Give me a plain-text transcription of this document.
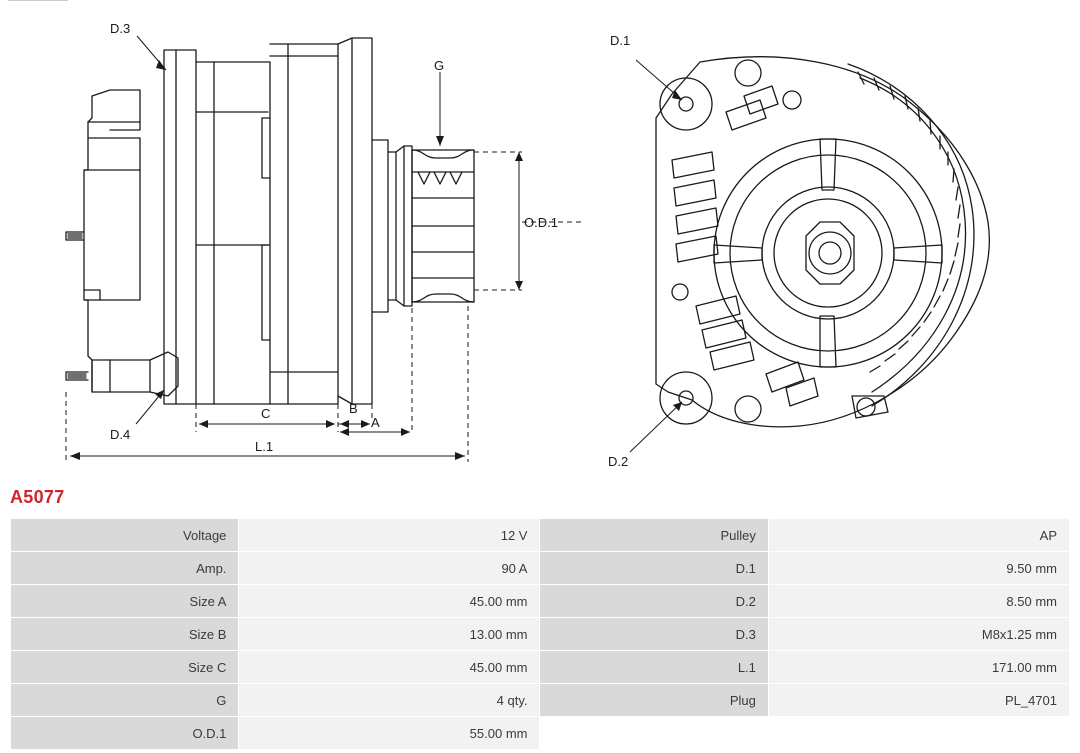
D.3
G
D.4
C	B
A
L.1
O.D.1
D.1
D.2
A5077
Voltage	12 V	Pulley	AP
Amp.	90 A	D.1	9.50 mm
Size A	45.00 mm	D.2	8.50 mm
Size B	13.00 mm	D.3	M8x1.25 mm
Size C	45.00 mm	L.1	171.00 mm
G	4 qty.	Plug	PL_4701
O.D.1	55.00 mm		
